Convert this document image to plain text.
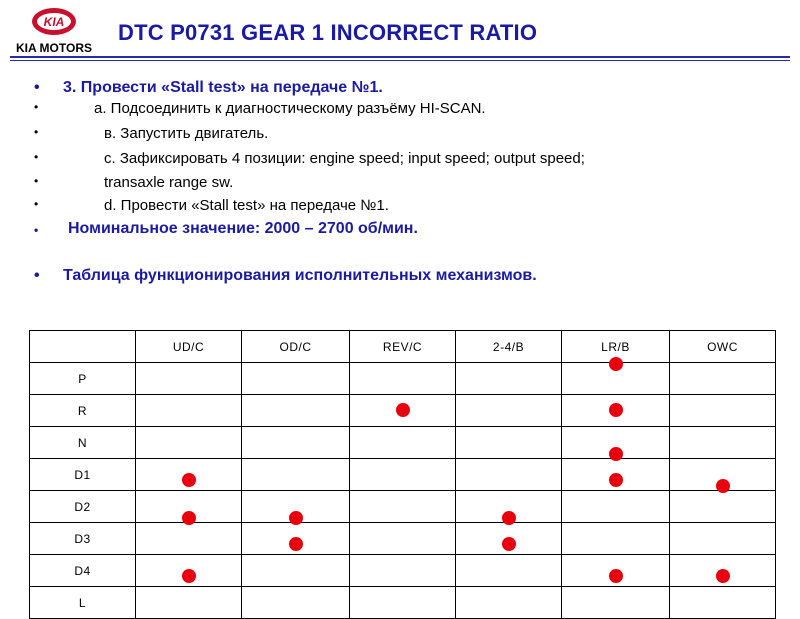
KIA
KIA MOTORS
DTC P0731 GEAR 1 INCORRECT RATIO
• 3. Провести «Stall test» на передаче №1.
•	а. Подсоединить к диагностическому разъёму HI-SCAN.
•	в. Запустить двигатель.
•	с. Зафиксировать 4 позиции: engine speed; input speed; output speed;
•	transaxle range sw.
•	d. Провести «Stall test» на передаче №1.
• Номинальное значение: 2000 – 2700 об/мин.
• Таблица функционирования исполнительных механизмов.
	UD/C	OD/C	REV/C	2-4/B	LR/B	OWC
P	

R	

N	

D1	

D2	

D3	

D4	

L	
